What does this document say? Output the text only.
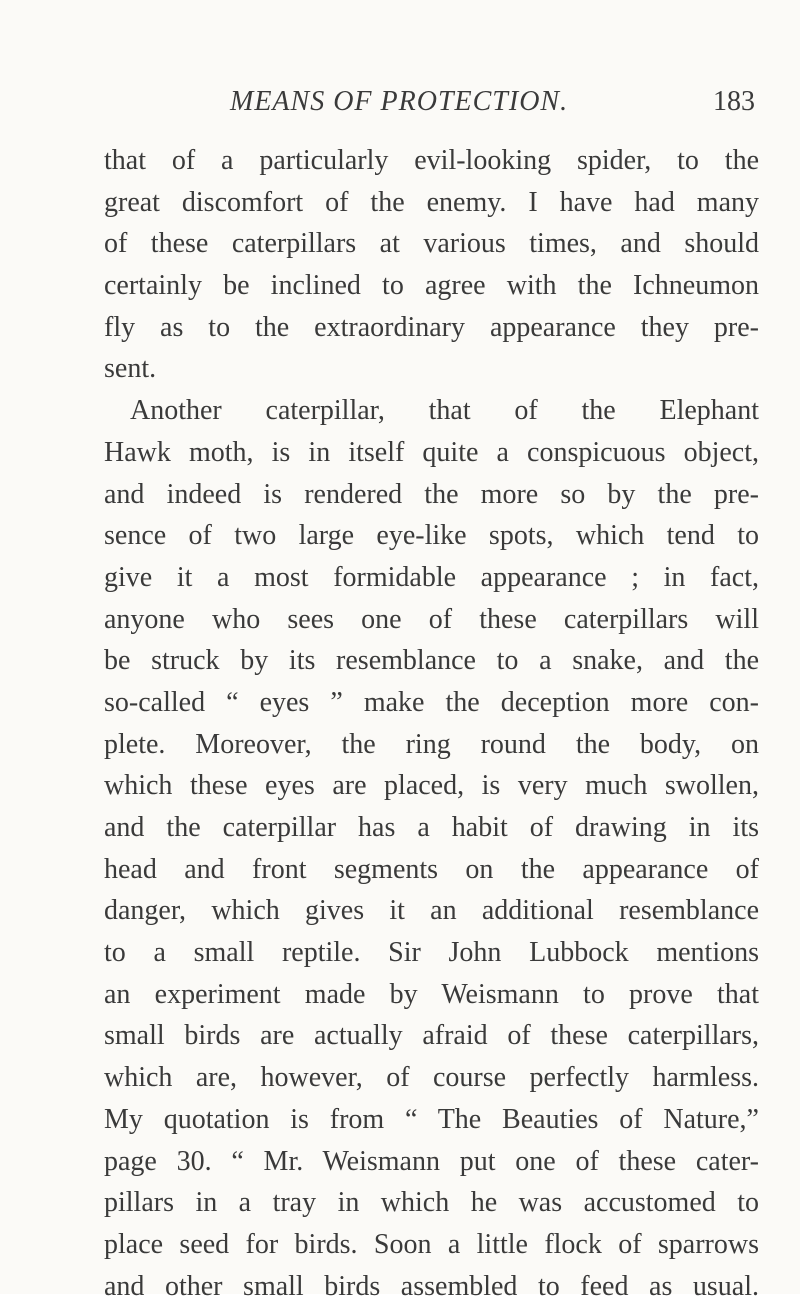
MEANS OF PROTECTION.	183
that of a particularly evil-looking spider, to the
great discomfort of the enemy. I have had many
of these caterpillars at various times, and should
certainly be inclined to agree with the Ichneumon
fly as to the extraordinary appearance they pre-
sent.
Another caterpillar, that of the Elephant
Hawk moth, is in itself quite a conspicuous object,
and indeed is rendered the more so by the pre-
sence of two large eye-like spots, which tend to
give it a most formidable appearance ; in fact,
anyone who sees one of these caterpillars will
be struck by its resemblance to a snake, and the
so-called “ eyes ” make the deception more con-
plete. Moreover, the ring round the body, on
which these eyes are placed, is very much swollen,
and the caterpillar has a habit of drawing in its
head and front segments on the appearance of
danger, which gives it an additional resemblance
to a small reptile. Sir John Lubbock mentions
an experiment made by Weismann to prove that
small birds are actually afraid of these caterpillars,
which are, however, of course perfectly harmless.
My quotation is from “ The Beauties of Nature,”
page 30. “ Mr. Weismann put one of these cater-
pillars in a tray in which he was accustomed to
place seed for birds. Soon a little flock of sparrows
and other small birds assembled to feed as usual.
